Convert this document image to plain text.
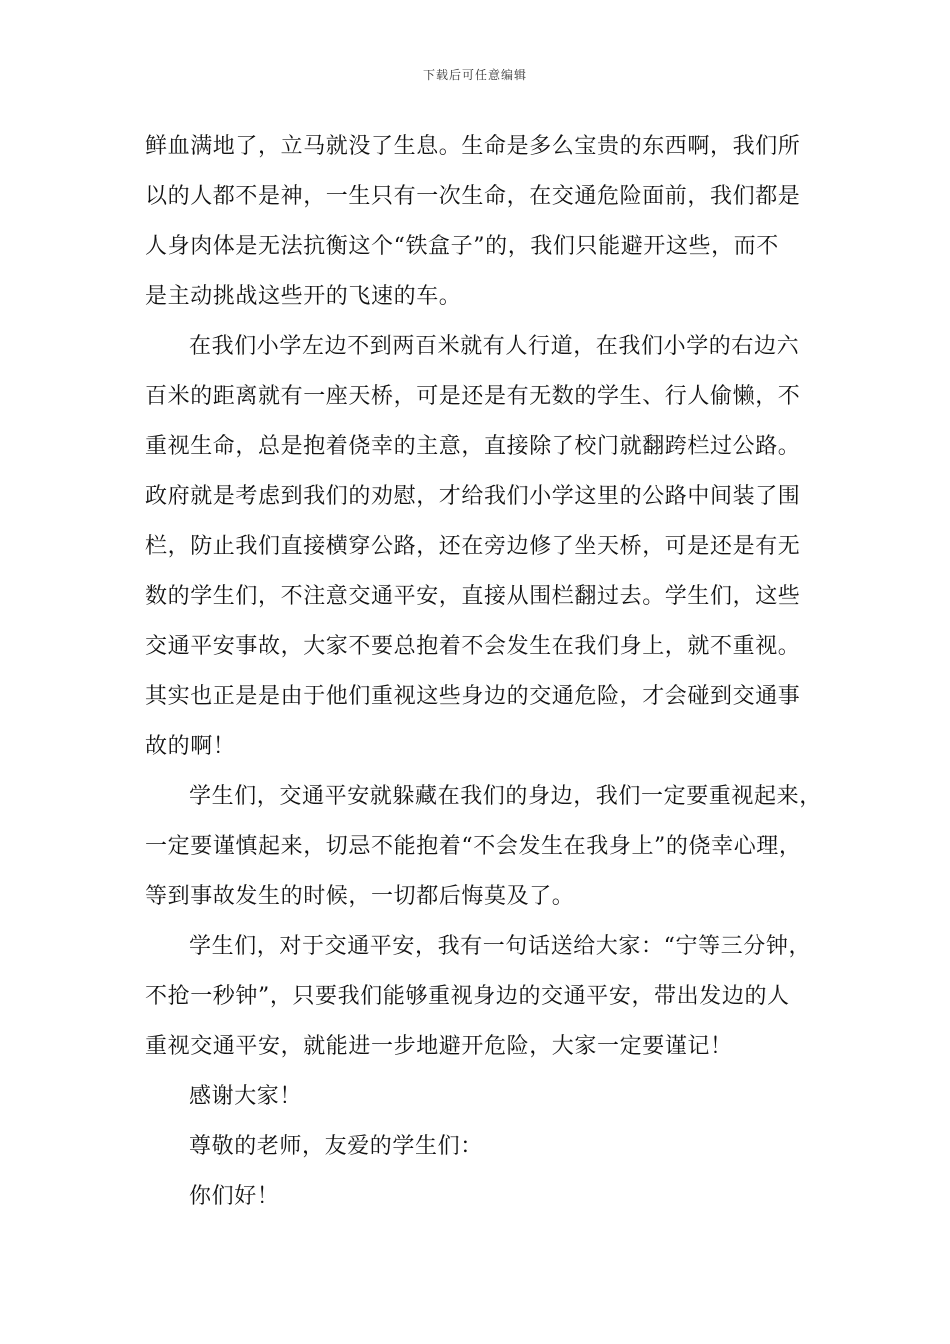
下载后可任意编辑
鲜血满地了，立马就没了生息。生命是多么宝贵的东西啊，我们所
以的人都不是神，一生只有一次生命，在交通危险面前，我们都是
人身肉体是无法抗衡这个“铁盒子”的，我们只能避开这些，而不
是主动挑战这些开的飞速的车。
在我们小学左边不到两百米就有人行道，在我们小学的右边六
百米的距离就有一座天桥，可是还是有无数的学生、行人偷懒，不
重视生命，总是抱着侥幸的主意，直接除了校门就翻跨栏过公路。
政府就是考虑到我们的劝慰，才给我们小学这里的公路中间装了围
栏，防止我们直接横穿公路，还在旁边修了坐天桥，可是还是有无
数的学生们，不注意交通平安，直接从围栏翻过去。学生们，这些
交通平安事故，大家不要总抱着不会发生在我们身上，就不重视。
其实也正是是由于他们重视这些身边的交通危险，才会碰到交通事
故的啊！
学生们，交通平安就躲藏在我们的身边，我们一定要重视起来，
一定要谨慎起来，切忌不能抱着“不会发生在我身上”的侥幸心理，
等到事故发生的时候，一切都后悔莫及了。
学生们，对于交通平安，我有一句话送给大家：“宁等三分钟，
不抢一秒钟”，只要我们能够重视身边的交通平安，带出发边的人
重视交通平安，就能进一步地避开危险，大家一定要谨记！
感谢大家！
尊敬的老师，友爱的学生们：
你们好！
